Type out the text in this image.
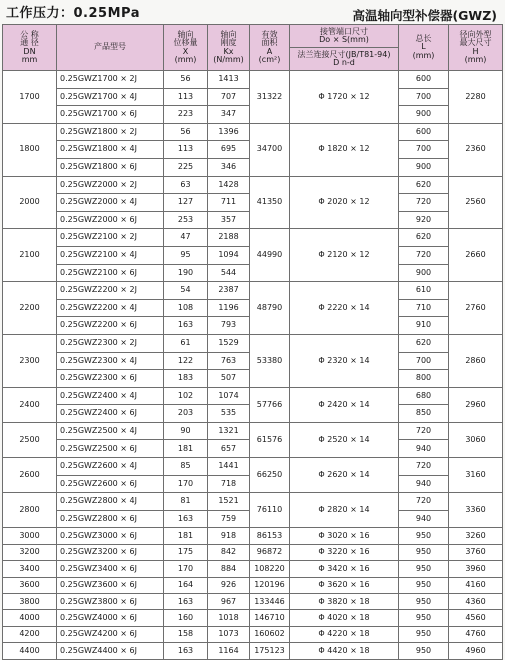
工作压力：0.25MPa	高温轴向型补偿器(GWZ)
公 称
通 径
DN
mm	产品型号	轴向
位移量
X
(mm)	轴向
刚度
Kx
(N/mm)	有效
面积
A
(cm²)	接管端口尺寸
Do × S(mm)	总长
L
(mm)	径向外型
最大尺寸
H
(mm)

					法兰连接尺寸(JB/T81-94)
D n-d		

1700	0.25GWZ1700 × 2J	56	1413	31322	Φ 1720 × 12	600	2280
	0.25GWZ1700 × 4J	113	707			700	
	0.25GWZ1700 × 6J	223	347			900	
1800	0.25GWZ1800 × 2J	56	1396	34700	Φ 1820 × 12	600	2360
	0.25GWZ1800 × 4J	113	695			700	
	0.25GWZ1800 × 6J	225	346			900	
2000	0.25GWZ2000 × 2J	63	1428	41350	Φ 2020 × 12	620	2560
	0.25GWZ2000 × 4J	127	711			720	
	0.25GWZ2000 × 6J	253	357			920	
2100	0.25GWZ2100 × 2J	47	2188	44990	Φ 2120 × 12	620	2660
	0.25GWZ2100 × 4J	95	1094			720	
	0.25GWZ2100 × 6J	190	544			900	
2200	0.25GWZ2200 × 2J	54	2387	48790	Φ 2220 × 14	610	2760
	0.25GWZ2200 × 4J	108	1196			710	
	0.25GWZ2200 × 6J	163	793			910	
2300	0.25GWZ2300 × 2J	61	1529	53380	Φ 2320 × 14	620	2860
	0.25GWZ2300 × 4J	122	763			700	
	0.25GWZ2300 × 6J	183	507			800	
2400	0.25GWZ2400 × 4J	102	1074	57766	Φ 2420 × 14	680	2960
	0.25GWZ2400 × 6J	203	535			850	
2500	0.25GWZ2500 × 4J	90	1321	61576	Φ 2520 × 14	720	3060
	0.25GWZ2500 × 6J	181	657			940	
2600	0.25GWZ2600 × 4J	85	1441	66250	Φ 2620 × 14	720	3160
	0.25GWZ2600 × 6J	170	718			940	
2800	0.25GWZ2800 × 4J	81	1521	76110	Φ 2820 × 14	720	3360
	0.25GWZ2800 × 6J	163	759			940	
3000	0.25GWZ3000 × 6J	181	918	86153	Φ 3020 × 16	950	3260
3200	0.25GWZ3200 × 6J	175	842	96872	Φ 3220 × 16	950	3760
3400	0.25GWZ3400 × 6J	170	884	108220	Φ 3420 × 16	950	3960
3600	0.25GWZ3600 × 6J	164	926	120196	Φ 3620 × 16	950	4160
3800	0.25GWZ3800 × 6J	163	967	133446	Φ 3820 × 18	950	4360
4000	0.25GWZ4000 × 6J	160	1018	146710	Φ 4020 × 18	950	4560
4200	0.25GWZ4200 × 6J	158	1073	160602	Φ 4220 × 18	950	4760
4400	0.25GWZ4400 × 6J	163	1164	175123	Φ 4420 × 18	950	4960
